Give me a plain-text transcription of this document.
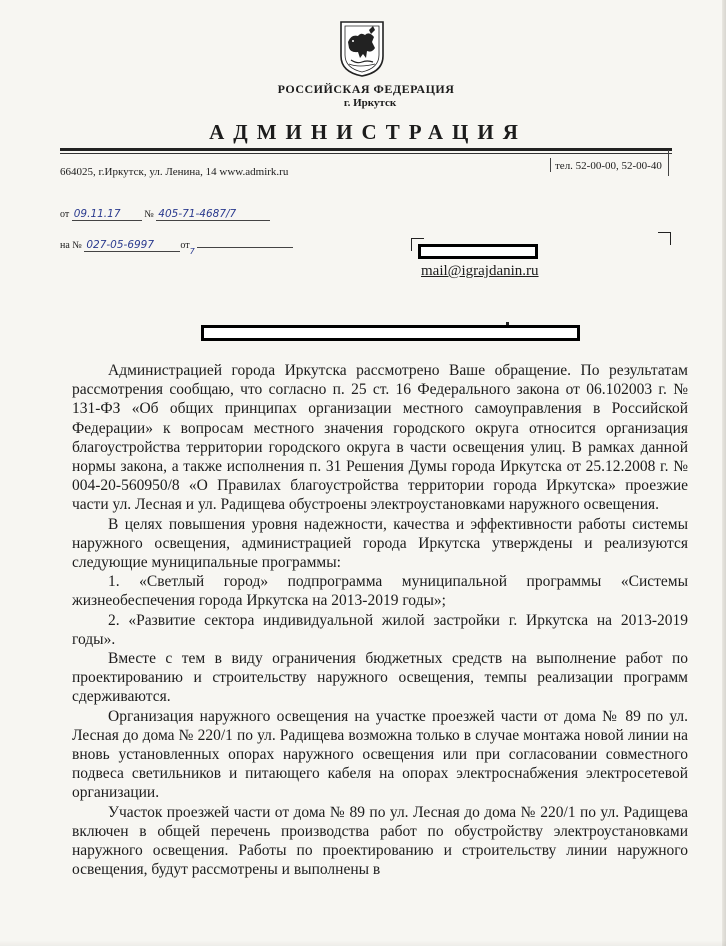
РОССИЙСКАЯ ФЕДЕРАЦИЯ
г. Иркутск
АДМИНИСТРАЦИЯ
664025, г.Иркутск, ул. Ленина, 14 www.admirk.ru	тел. 52-00-00, 52-00-40
от 09.11.17 № 405-71-4687/7
на № 027-05-6997	$от_7$
mail@igrajdanin.ru

Администрацией города Иркутска рассмотрено Ваше обращение. По результатам рассмотрения сообщаю, что согласно п. 25 ст. 16 Федерального закона от 06.102003 г. № 131-ФЗ «Об общих принципах организации местного самоуправления в Российской Федерации» к вопросам местного значения городского округа относится организация благоустройства территории городского округа в части освещения улиц. В рамках данной нормы закона, а также исполнения п. 31 Решения Думы города Иркутска от 25.12.2008 г. № 004-20-560950/8 «О Правилах благоустройства территории города Иркутска» проезжие части ул. Лесная и ул. Радищева обустроены электроустановками наружного освещения.

В целях повышения уровня надежности, качества и эффективности работы системы наружного освещения, администрацией города Иркутска утверждены и реализуются следующие муниципальные программы:

1. «Светлый город» подпрограмма муниципальной программы «Системы жизнеобеспечения города Иркутска на 2013-2019 годы»;

2. «Развитие сектора индивидуальной жилой застройки г. Иркутска на 2013-2019 годы».

Вместе с тем в виду ограничения бюджетных средств на выполнение работ по проектированию и строительству наружного освещения, темпы реализации программ сдерживаются.

Организация наружного освещения на участке проезжей части от дома № 89 по ул. Лесная до дома № 220/1 по ул. Радищева возможна только в случае монтажа новой линии на вновь установленных опорах наружного освещения или при согласовании совместного подвеса светильников и питающего кабеля на опорах электроснабжения электросетевой организации.

Участок проезжей части от дома № 89 по ул. Лесная до дома № 220/1 по ул. Радищева включен в общей перечень производства работ по обустройству электроустановками наружного освещения. Работы по проектированию и строительству линии наружного освещения, будут рассмотрены и выполнены в
